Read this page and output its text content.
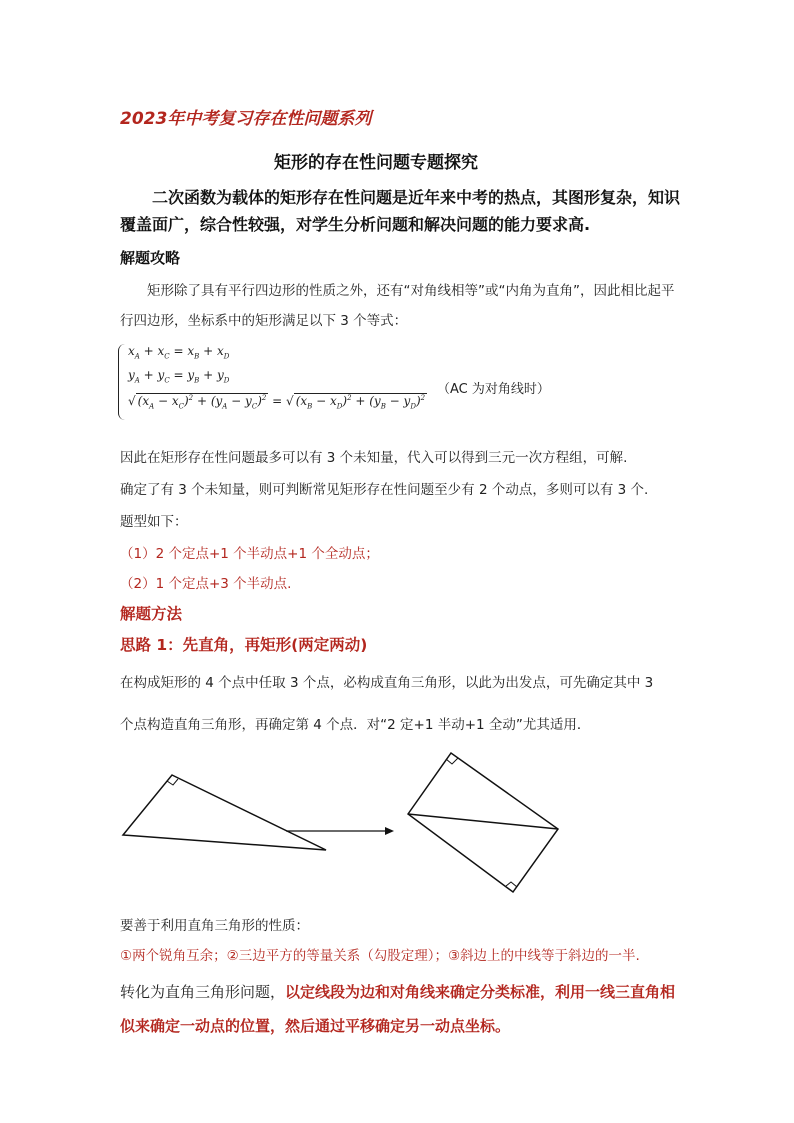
2023年中考复习存在性问题系列
矩形的存在性问题专题探究
二次函数为载体的矩形存在性问题是近年来中考的热点，其图形复杂，知识覆盖面广，综合性较强，对学生分析问题和解决问题的能力要求高.
解题攻略
矩形除了具有平行四边形的性质之外，还有“对角线相等”或“内角为直角”，因此相比起平行四边形，坐标系中的矩形满足以下 3 个等式：
$x_A + x_C = x_B + x_D$
$y_A + y_C = y_B + y_D$
√ $(x_A - x_C)^2 + (y_A - y_C)^2$ = √ $(x_B - x_D)^2 + (y_B - y_D)^2$
（AC 为对角线时）
因此在矩形存在性问题最多可以有 3 个未知量，代入可以得到三元一次方程组，可解.
确定了有 3 个未知量，则可判断常见矩形存在性问题至少有 2 个动点，多则可以有 3 个.
题型如下：
（1）2 个定点+1 个半动点+1 个全动点；
（2）1 个定点+3 个半动点.
解题方法
思路 1：先直角，再矩形(两定两动)
在构成矩形的 4 个点中任取 3 个点，必构成直角三角形，以此为出发点，可先确定其中 3
个点构造直角三角形，再确定第 4 个点．对“2 定+1 半动+1 全动”尤其适用．
要善于利用直角三角形的性质：
①两个锐角互余；②三边平方的等量关系（勾股定理）；③斜边上的中线等于斜边的一半.
转化为直角三角形问题，以定线段为边和对角线来确定分类标准，利用一线三直角相似来确定一动点的位置，然后通过平移确定另一动点坐标。
